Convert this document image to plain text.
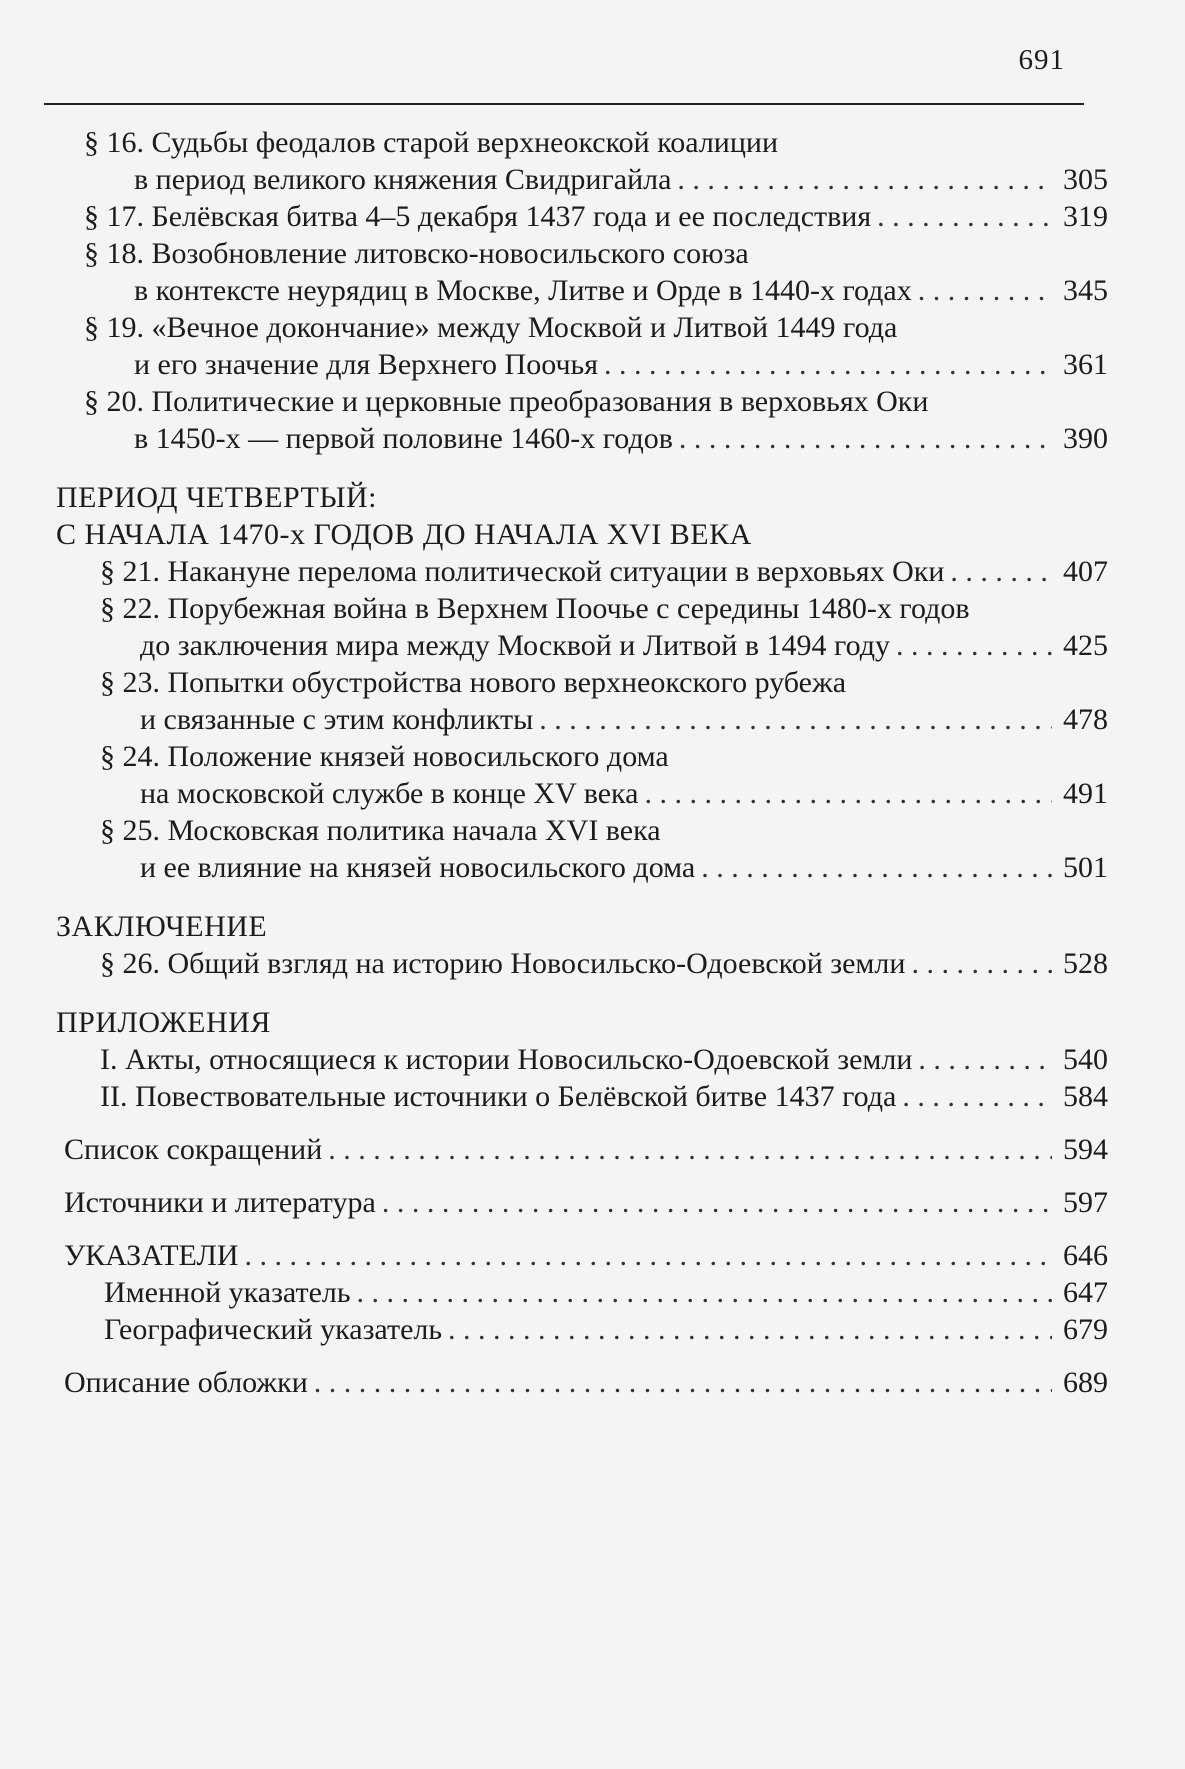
691
§ 16. Судьбы феодалов старой верхнеокской коалиции
в период великого княжения Свидригайла . . .	305
§ 17. Белёвская битва 4–5 декабря 1437 года и ее последствия . . .	319
§ 18. Возобновление литовско-новосильского союза
в контексте неурядиц в Москве, Литве и Орде в 1440-х годах . . .	345
§ 19. «Вечное докончание» между Москвой и Литвой 1449 года
и его значение для Верхнего Поочья . . .	361
§ 20. Политические и церковные преобразования в верховьях Оки
в 1450-х — первой половине 1460-х годов . . .	390
ПЕРИОД ЧЕТВЕРТЫЙ:
С НАЧАЛА 1470-х ГОДОВ ДО НАЧАЛА XVI ВЕКА
§ 21. Накануне перелома политической ситуации в верховьях Оки . . .	407
§ 22. Порубежная война в Верхнем Поочье с середины 1480-х годов
до заключения мира между Москвой и Литвой в 1494 году . . .	425
§ 23. Попытки обустройства нового верхнеокского рубежа
и связанные с этим конфликты . . .	478
§ 24. Положение князей новосильского дома
на московской службе в конце XV века . . .	491
§ 25. Московская политика начала XVI века
и ее влияние на князей новосильского дома . . .	501
ЗАКЛЮЧЕНИЕ
§ 26. Общий взгляд на историю Новосильско-Одоевской земли . . .	528
ПРИЛОЖЕНИЯ
I. Акты, относящиеся к истории Новосильско-Одоевской земли . . .	540
II. Повествовательные источники о Белёвской битве 1437 года . . .	584
Список сокращений . . .	594
Источники и литература . . .	597
УКАЗАТЕЛИ . . .	646
Именной указатель . . .	647
Географический указатель . . .	679
Описание обложки . . .	689
